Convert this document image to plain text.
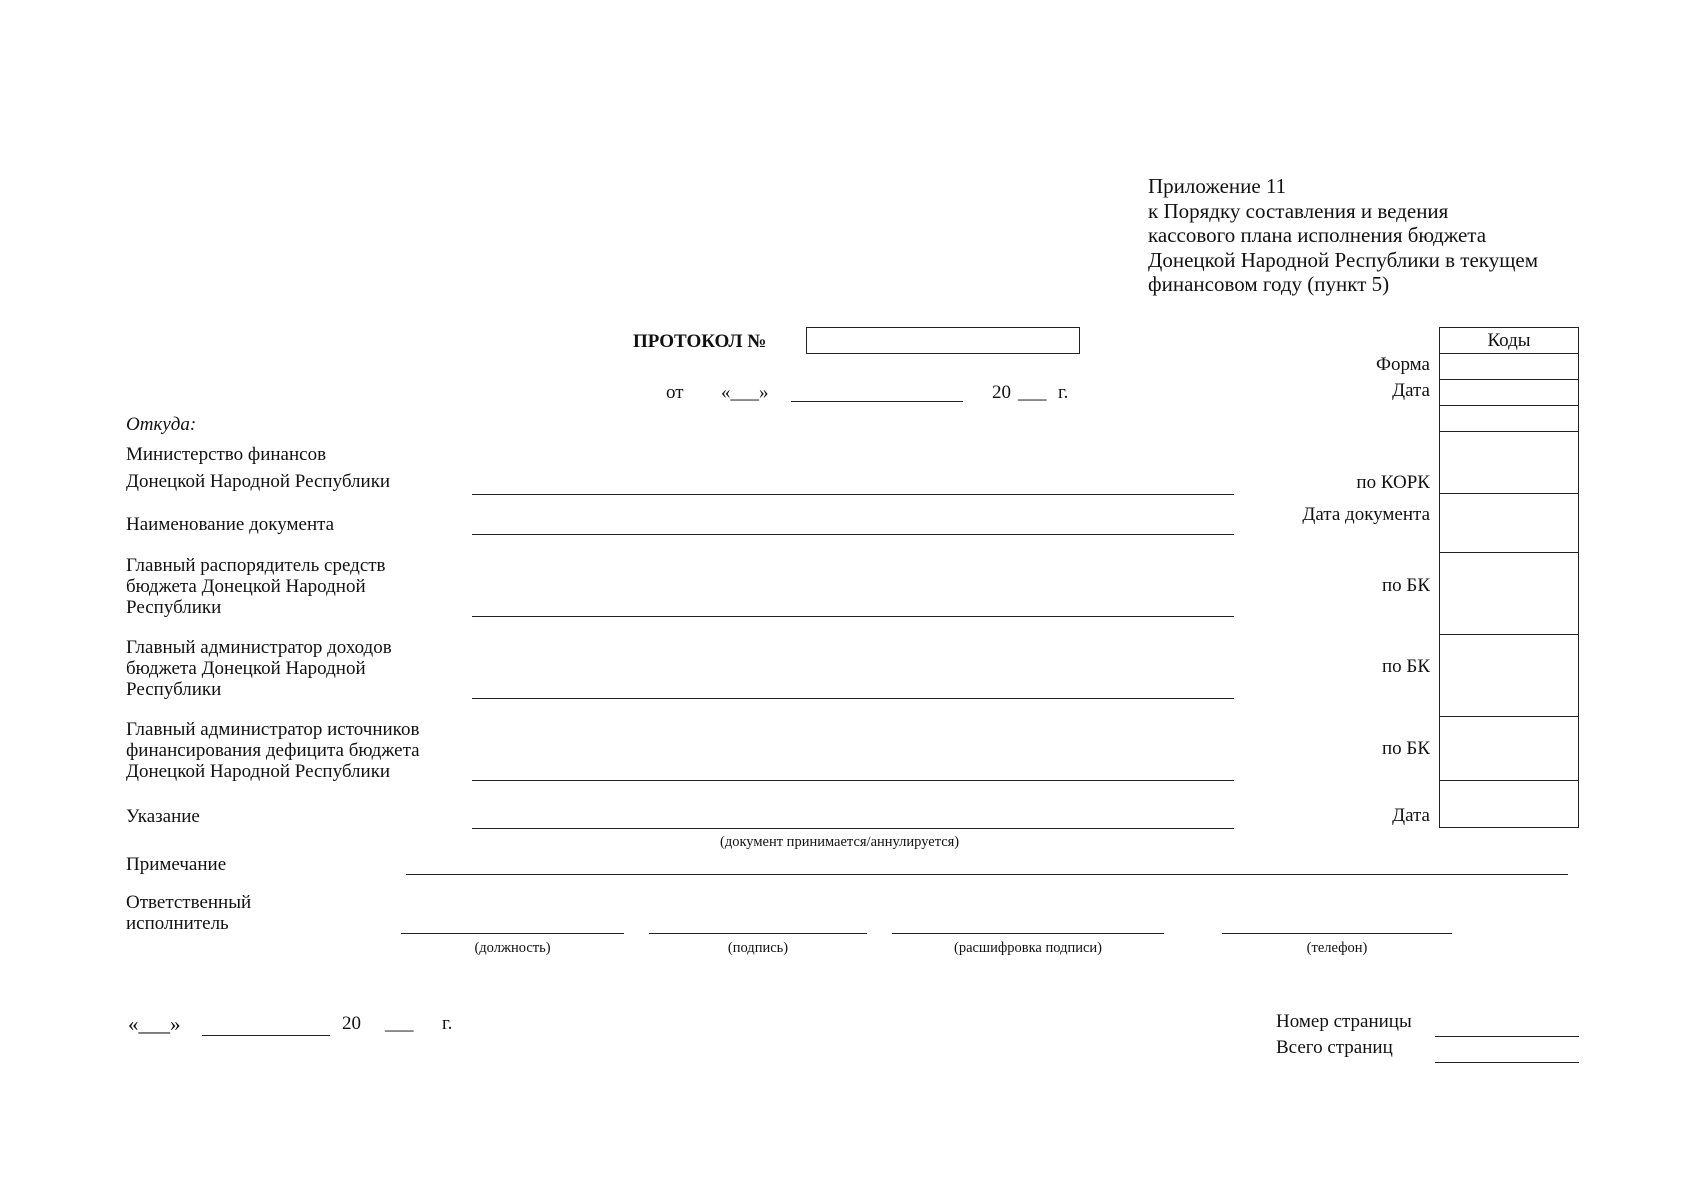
Приложение 11
к Порядку составления и ведения
кассового плана исполнения бюджета
Донецкой Народной Республики в текущем
финансовом году (пункт 5)
ПРОТОКОЛ №
от «___»	20 ___ г.
Коды
Форма
Дата
по КОРК
Дата документа
по БК
по БК
по БК
Дата
Откуда:
Министерство финансов
Донецкой Народной Республики
Наименование документа
Главный распорядитель средств
бюджета Донецкой Народной
Республики
Главный администратор доходов
бюджета Донецкой Народной
Республики
Главный администратор источников
финансирования дефицита бюджета
Донецкой Народной Республики
Указание
(документ принимается/аннулируется)
Примечание
Ответственный
исполнитель
(должность)	(подпись)	(расшифровка подписи)	(телефон)
«___»	20 ___ г.	Номер страницы
Всего страниц
